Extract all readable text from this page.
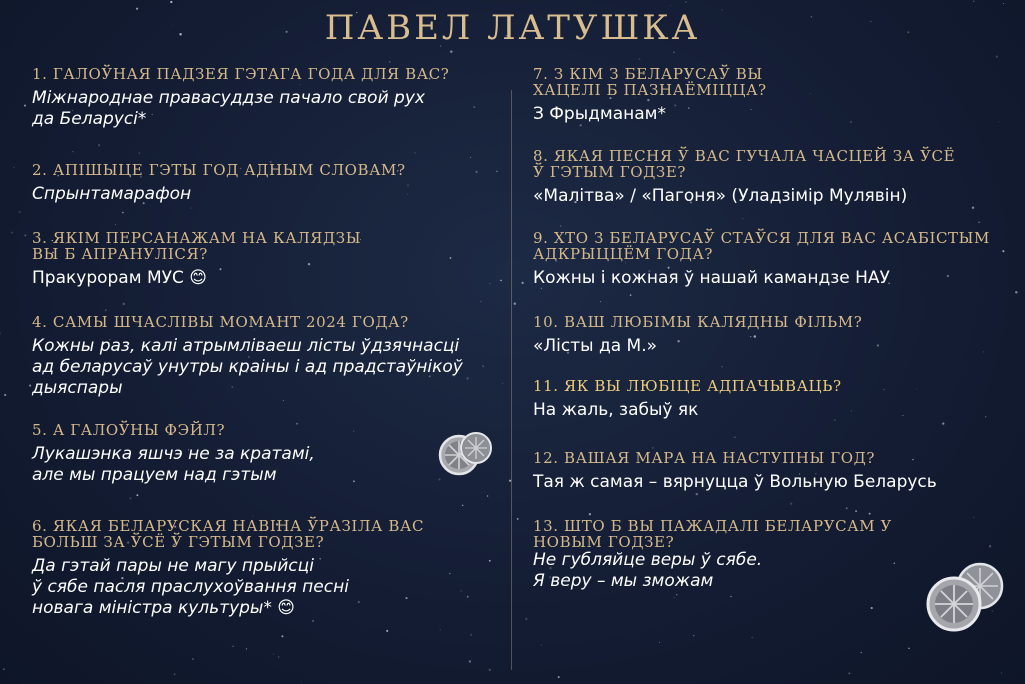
ПАВЕЛ ЛАТУШКА
1. ГАЛОЎНАЯ ПАДЗЕЯ ГЭТАГА ГОДА ДЛЯ ВАС?
Міжнароднае правасуддзе пачало свой рух
да Беларусі*
2. АПІШЫЦЕ ГЭТЫ ГОД АДНЫМ СЛОВАМ?
Спрынтамарафон
3. ЯКІМ ПЕРСАНАЖАМ НА КАЛЯДЗЫ ВЫ Б АПРАНУЛІСЯ?
Пракурорам МУС 😊
4. САМЫ ШЧАСЛІВЫ МОМАНТ 2024 ГОДА?
Кожны раз, калі атрымліваеш лісты ўдзячнасці
ад беларусаў унутры краіны і ад прадстаўнікоў
дыяспары
5. А ГАЛОЎНЫ ФЭЙЛ?
Лукашэнка яшчэ не за кратамі,
але мы працуем над гэтым
6. ЯКАЯ БЕЛАРУСКАЯ НАВІНА ЎРАЗІЛА ВАС БОЛЬШ ЗА ЎСЁ Ў ГЭТЫМ ГОДЗЕ?
Да гэтай пары не магу прыйсці
ў сябе пасля праслухоўвання песні
новага міністра культуры* 😊
7. З КІМ З БЕЛАРУСАЎ ВЫ ХАЦЕЛІ Б ПАЗНАЁМІЦЦА?
З Фрыдманам*
8. ЯКАЯ ПЕСНЯ Ў ВАС ГУЧАЛА ЧАСЦЕЙ ЗА ЎСЁ Ў ГЭТЫМ ГОДЗЕ?
«Малітва» / «Пагоня» (Уладзімір Мулявін)
9. ХТО З БЕЛАРУСАЎ СТАЎСЯ ДЛЯ ВАС АСАБІСТЫМ АДКРЫЦЦЁМ ГОДА?
Кожны і кожная ў нашай камандзе НАУ
10. ВАШ ЛЮБІМЫ КАЛЯДНЫ ФІЛЬМ?
«Лісты да М.»
11. ЯК ВЫ ЛЮБІЦЕ АДПАЧЫВАЦЬ?
На жаль, забыў як
12. ВАШАЯ МАРА НА НАСТУПНЫ ГОД?
Тая ж самая – вярнуцца ў Вольную Беларусь
13. ШТО Б ВЫ ПАЖАДАЛІ БЕЛАРУСАМ У НОВЫМ ГОДЗЕ?
Не губляйце веры ў сябе.
Я веру – мы зможам
